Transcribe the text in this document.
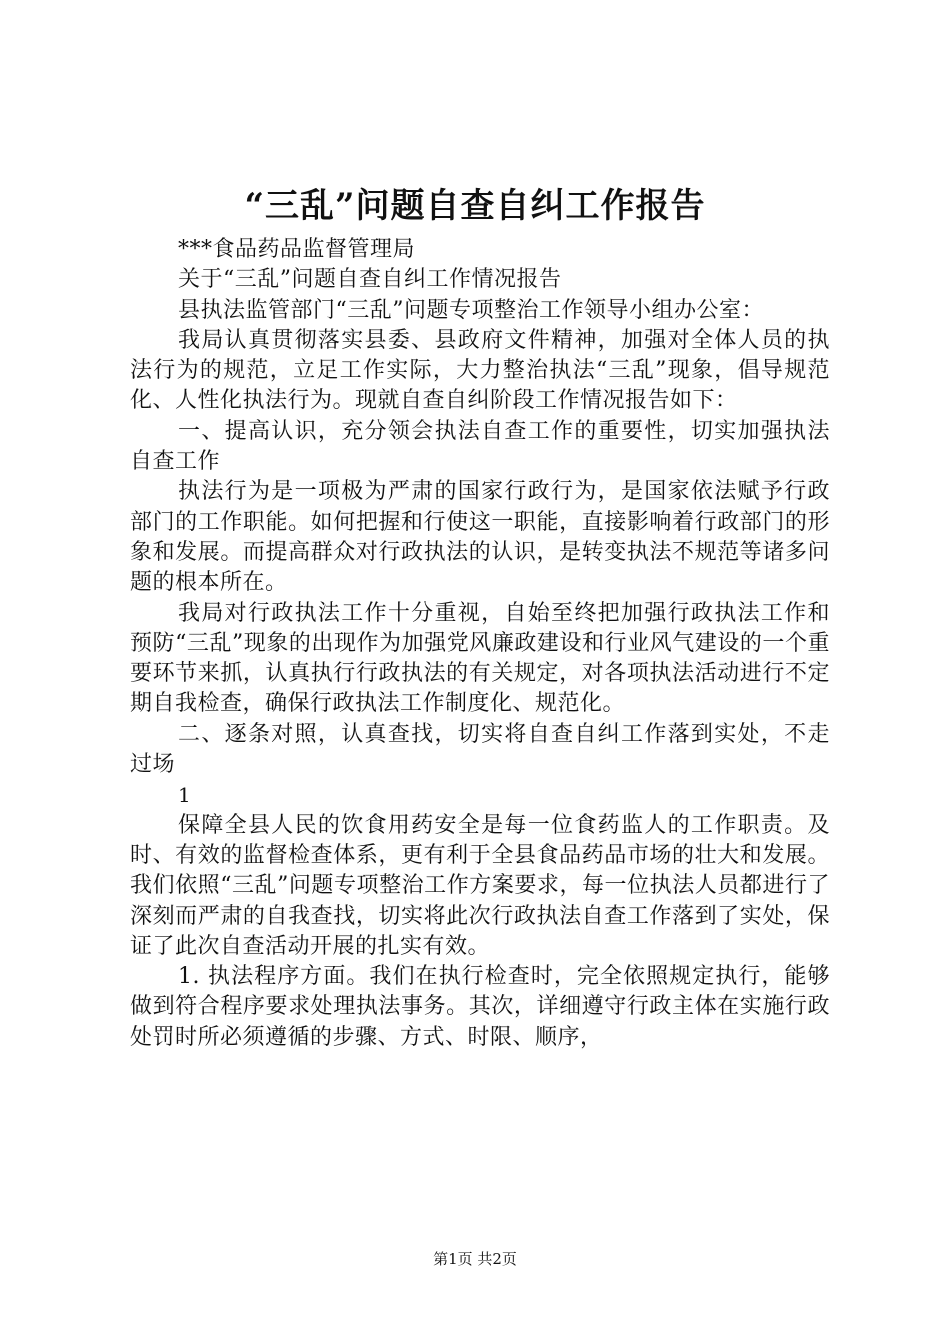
“三乱”问题自查自纠工作报告

***食品药品监督管理局

关于“三乱”问题自查自纠工作情况报告

县执法监管部门“三乱”问题专项整治工作领导小组办公室：

我局认真贯彻落实县委、县政府文件精神，加强对全体人员的执法行为的规范，立足工作实际，大力整治执法“三乱”现象，倡导规范化、人性化执法行为。现就自查自纠阶段工作情况报告如下：

一、提高认识，充分领会执法自查工作的重要性，切实加强执法自查工作

执法行为是一项极为严肃的国家行政行为，是国家依法赋予行政部门的工作职能。如何把握和行使这一职能，直接影响着行政部门的形象和发展。而提高群众对行政执法的认识，是转变执法不规范等诸多问题的根本所在。

我局对行政执法工作十分重视，自始至终把加强行政执法工作和预防“三乱”现象的出现作为加强党风廉政建设和行业风气建设的一个重要环节来抓，认真执行行政执法的有关规定，对各项执法活动进行不定期自我检查，确保行政执法工作制度化、规范化。

二、逐条对照，认真查找，切实将自查自纠工作落到实处，不走过场

1

保障全县人民的饮食用药安全是每一位食药监人的工作职责。及时、有效的监督检查体系，更有利于全县食品药品市场的壮大和发展。我们依照“三乱”问题专项整治工作方案要求，每一位执法人员都进行了深刻而严肃的自我查找，切实将此次行政执法自查工作落到了实处，保证了此次自查活动开展的扎实有效。

1. 执法程序方面。我们在执行检查时，完全依照规定执行，能够做到符合程序要求处理执法事务。其次，详细遵守行政主体在实施行政处罚时所必须遵循的步骤、方式、时限、顺序，

第1页 共2页
